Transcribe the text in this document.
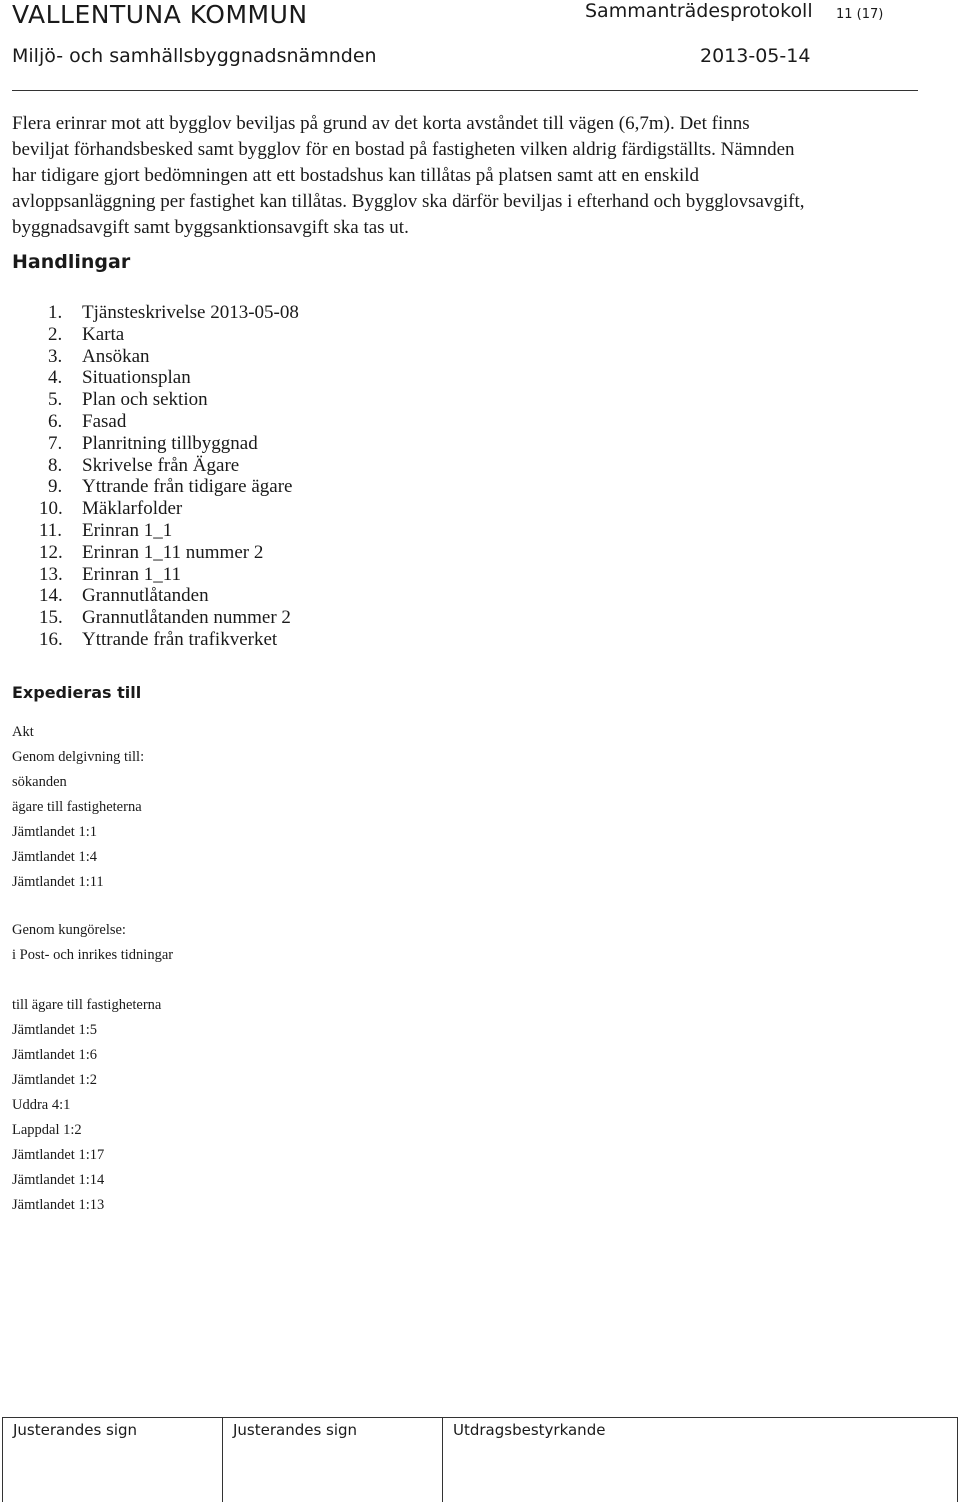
VALLENTUNA KOMMUN	Sammanträdesprotokoll 11 (17)
Miljö- och samhällsbyggnadsnämnden	2013-05-14

Flera erinrar mot att bygglov beviljas på grund av det korta avståndet till vägen (6,7m). Det finns

beviljat förhandsbesked samt bygglov för en bostad på fastigheten vilken aldrig färdigställts. Nämnden

har tidigare gjort bedömningen att ett bostadshus kan tillåtas på platsen samt att en enskild

avloppsanläggning per fastighet kan tillåtas. Bygglov ska därför beviljas i efterhand och bygglovsavgift,

byggnadsavgift samt byggsanktionsavgift ska tas ut.

Handlingar
1.	Tjänsteskrivelse 2013-05-08
2.	Karta
3.	Ansökan
4.	Situationsplan
5.	Plan och sektion
6.	Fasad
7.	Planritning tillbyggnad
8.	Skrivelse från Ägare
9.	Yttrande från tidigare ägare
10.	Mäklarfolder
11.	Erinran 1_1
12.	Erinran 1_11 nummer 2
13.	Erinran 1_11
14.	Grannutlåtanden
15.	Grannutlåtanden nummer 2
16.	Yttrande från trafikverket
Expedieras till
Akt
Genom delgivning till:
sökanden
ägare till fastigheterna
Jämtlandet 1:1
Jämtlandet 1:4
Jämtlandet 1:11
Genom kungörelse:
i Post- och inrikes tidningar
till ägare till fastigheterna
Jämtlandet 1:5
Jämtlandet 1:6
Jämtlandet 1:2
Uddra 4:1
Lappdal 1:2
Jämtlandet 1:17
Jämtlandet 1:14
Jämtlandet 1:13
Justerandes sign	Justerandes sign	Utdragsbestyrkande
